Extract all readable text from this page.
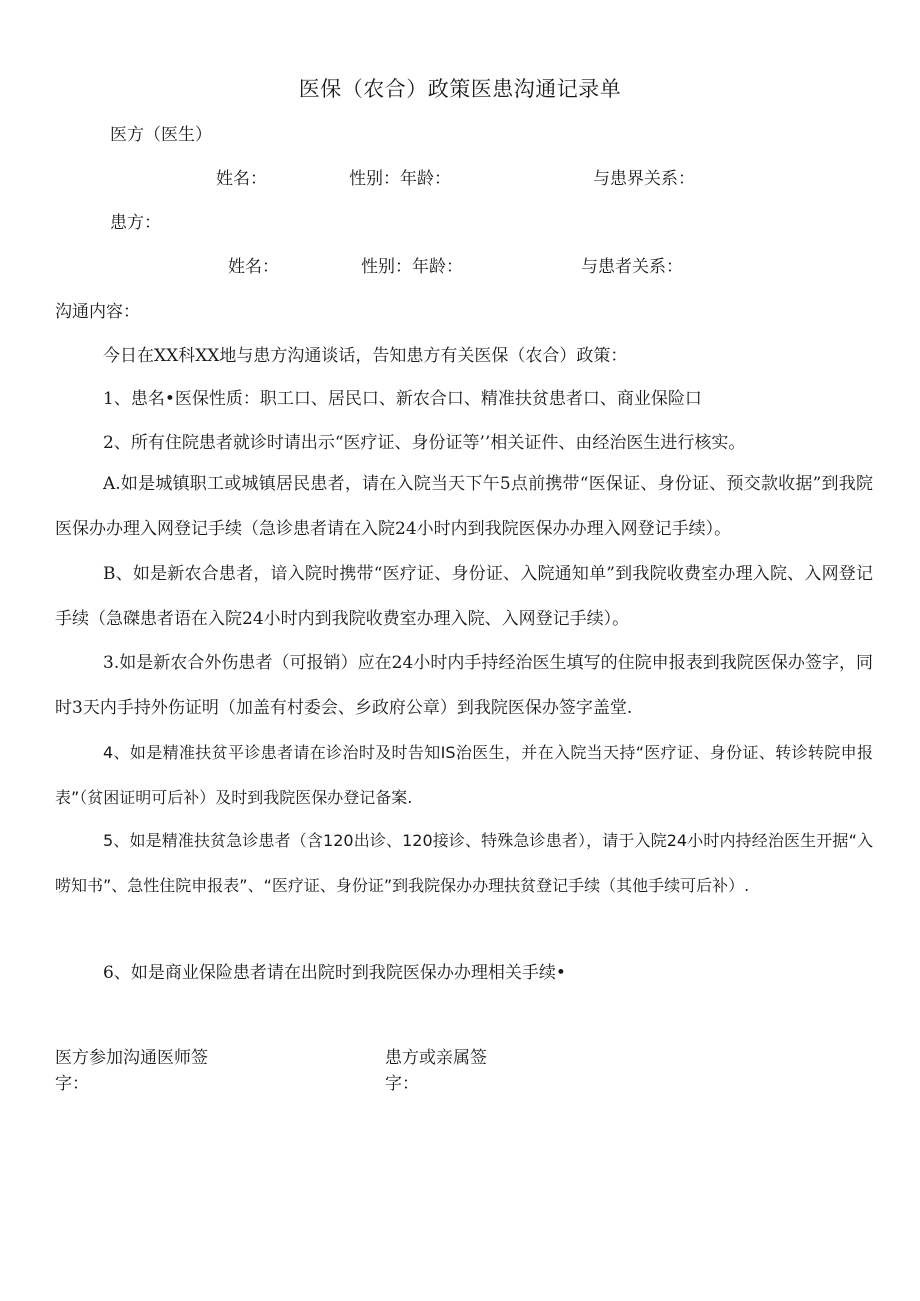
医保（农合）政策医患沟通记录单
医方（医生）
姓名：	性别：年龄：	与患界关系：
患方：
姓名：	性别：年龄：	与患者关系：
沟通内容：
今日在XX科XX地与患方沟通谈话，告知患方有关医保（农合）政策：
1、患名•医保性质：职工口、居民口、新农合口、精准扶贫患者口、商业保险口
2、所有住院患者就诊时请出示“医疗证、身份证等’’相关证件、由经治医生进行核实。

A.如是城镇职工或城镇居民患者，请在入院当天下午5点前携带“医保证、身份证、预交款收据”到我院医保办办理入网登记手续（急诊患者请在入院24小时内到我院医保办办理入网登记手续）。

B、如是新农合患者，谙入院时携带“医疗证、身份证、入院通知单”到我院收费室办理入院、入网登记手续（急磔患者语在入院24小时内到我院收费室办理入院、入网登记手续）。

3.如是新农合外伤患者（可报销）应在24小时内手持经治医生填写的住院申报表到我院医保办签字，同时3天内手持外伤证明（加盖有村委会、乡政府公章）到我院医保办签字盖堂.

4、如是精准扶贫平诊患者请在诊治时及时告知IS治医生，并在入院当天持“医疗证、身份证、转诊转院申报表”（贫困证明可后补）及时到我院医保办登记备案.

5、如是精准扶贫急诊患者（含120出诊、120接诊、特殊急诊患者），请于入院24小时内持经治医生开据“入唠知书”、急性住院申报表”、“医疗证、身份证”到我院保办办理扶贫登记手续（其他手续可后补）.

6、如是商业保险患者请在出院时到我院医保办办理相关手续•

医方参加沟通医师签字：
患方或亲属签字：
